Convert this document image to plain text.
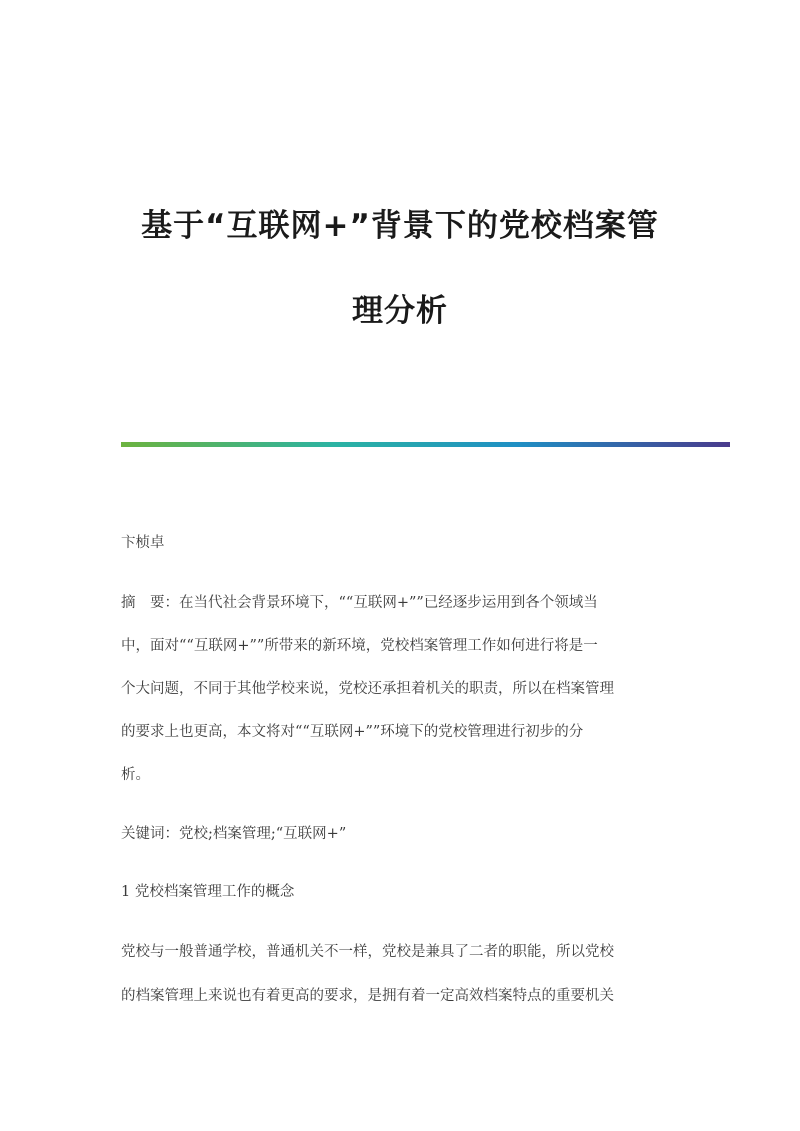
基于“互联网+”背景下的党校档案管
理分析
卞桢卓
摘　要：在当代社会背景环境下，““互联网+””已经逐步运用到各个领域当
中，面对““互联网+””所带来的新环境，党校档案管理工作如何进行将是一
个大问题，不同于其他学校来说，党校还承担着机关的职责，所以在档案管理
的要求上也更高，本文将对““互联网+””环境下的党校管理进行初步的分
析。
关键词：党校;档案管理;“互联网+”
1 党校档案管理工作的概念
党校与一般普通学校，普通机关不一样，党校是兼具了二者的职能，所以党校
的档案管理上来说也有着更高的要求，是拥有着一定高效档案特点的重要机关
